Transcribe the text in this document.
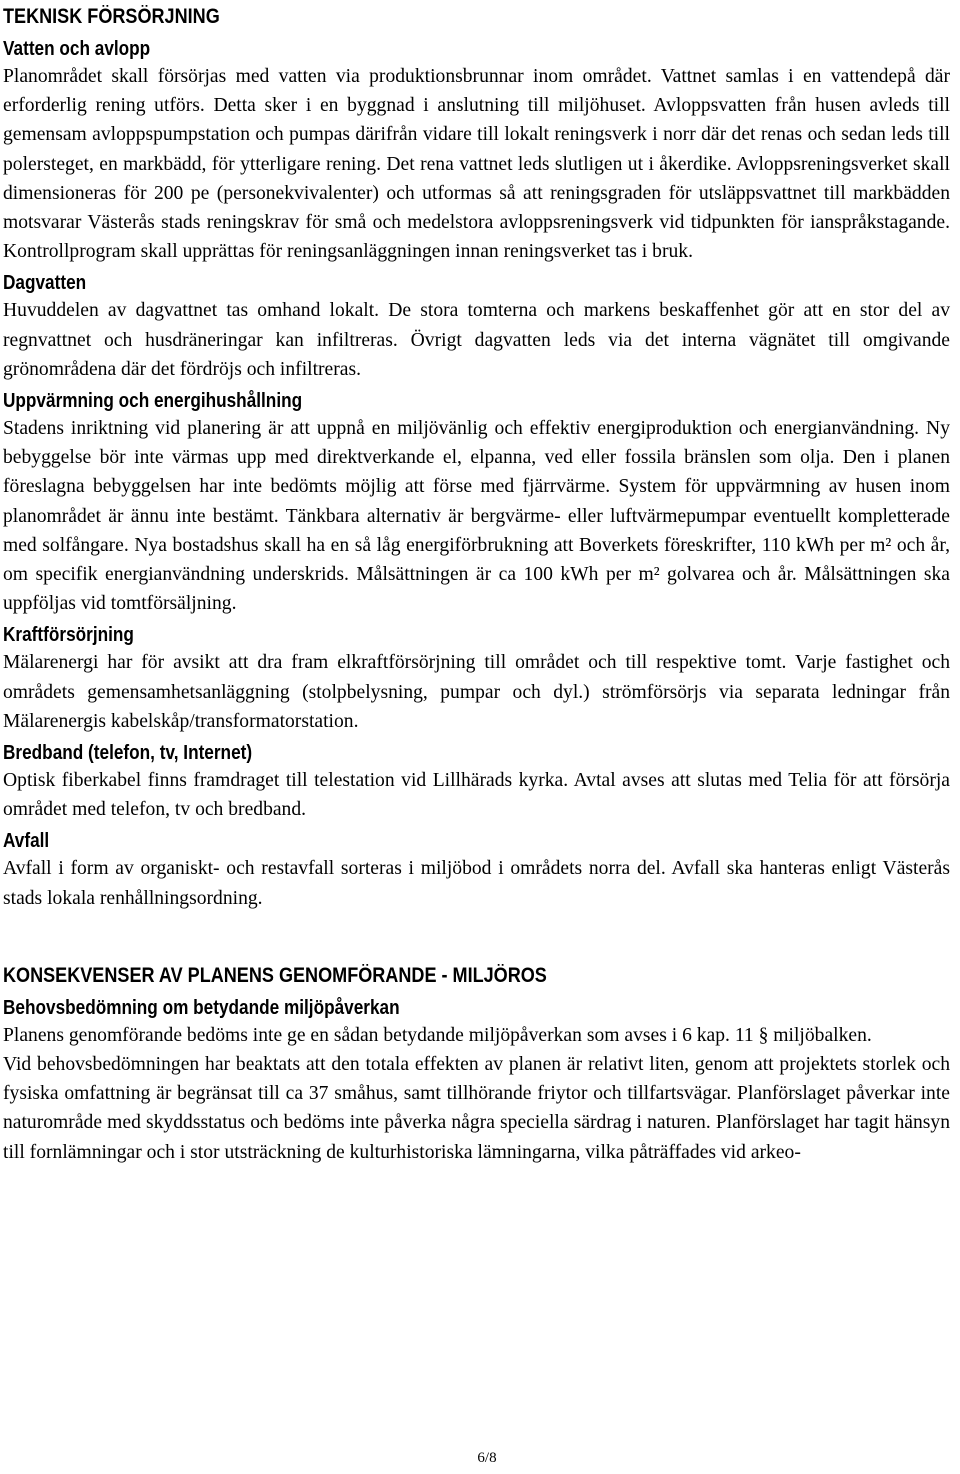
TEKNISK FÖRSÖRJNING
Vatten och avlopp

Planområdet skall försörjas med vatten via produktionsbrunnar inom området. Vattnet samlas i en vattendepå där erforderlig rening utförs. Detta sker i en byggnad i anslutning till miljöhuset. Avloppsvatten från husen avleds till gemensam avloppspumpstation och pumpas därifrån vidare till lokalt reningsverk i norr där det renas och sedan leds till polersteget, en markbädd, för ytterligare rening. Det rena vattnet leds slutligen ut i åkerdike. Avloppsreningsverket skall dimensioneras för 200 pe (personekvivalenter) och utformas så att reningsgraden för utsläppsvattnet till markbädden motsvarar Västerås stads reningskrav för små och medelstora avloppsreningsverk vid tidpunkten för ianspråkstagande. Kontrollprogram skall upprättas för reningsanläggningen innan reningsverket tas i bruk.

Dagvatten

Huvuddelen av dagvattnet tas omhand lokalt. De stora tomterna och markens beskaffenhet gör att en stor del av regnvattnet och husdräneringar kan infiltreras. Övrigt dagvatten leds via det interna vägnätet till omgivande grönområdena där det fördröjs och infiltreras.

Uppvärmning och energihushållning

Stadens inriktning vid planering är att uppnå en miljövänlig och effektiv energiproduktion och energianvändning. Ny bebyggelse bör inte värmas upp med direktverkande el, elpanna, ved eller fossila bränslen som olja. Den i planen föreslagna bebyggelsen har inte bedömts möjlig att förse med fjärrvärme. System för uppvärmning av husen inom planområdet är ännu inte bestämt. Tänkbara alternativ är bergvärme- eller luftvärmepumpar eventuellt kompletterade med solfångare. Nya bostadshus skall ha en så låg energiförbrukning att Boverkets föreskrifter, 110 kWh per m² och år, om specifik energianvändning underskrids. Målsättningen är ca 100 kWh per m² golvarea och år. Målsättningen ska uppföljas vid tomtförsäljning.

Kraftförsörjning

Mälarenergi har för avsikt att dra fram elkraftförsörjning till området och till respektive tomt. Varje fastighet och områdets gemensamhetsanläggning (stolpbelysning, pumpar och dyl.) strömförsörjs via separata ledningar från Mälarenergis kabelskåp/transformatorstation.

Bredband (telefon, tv, Internet)

Optisk fiberkabel finns framdraget till telestation vid Lillhärads kyrka. Avtal avses att slutas med Telia för att försörja området med telefon, tv och bredband.

Avfall

Avfall i form av organiskt- och restavfall sorteras i miljöbod i områdets norra del. Avfall ska hanteras enligt Västerås stads lokala renhållningsordning.

KONSEKVENSER AV PLANENS GENOMFÖRANDE - MILJÖROS
Behovsbedömning om betydande miljöpåverkan

Planens genomförande bedöms inte ge en sådan betydande miljöpåverkan som avses i 6 kap. 11 § miljöbalken.

Vid behovsbedömningen har beaktats att den totala effekten av planen är relativt liten, genom att projektets storlek och fysiska omfattning är begränsat till ca 37 småhus, samt tillhörande friytor och tillfartsvägar. Planförslaget påverkar inte naturområde med skyddsstatus och bedöms inte påverka några speciella särdrag i naturen. Planförslaget har tagit hänsyn till fornlämningar och i stor utsträckning de kulturhistoriska lämningarna, vilka påträffades vid arkeo-

6/8
